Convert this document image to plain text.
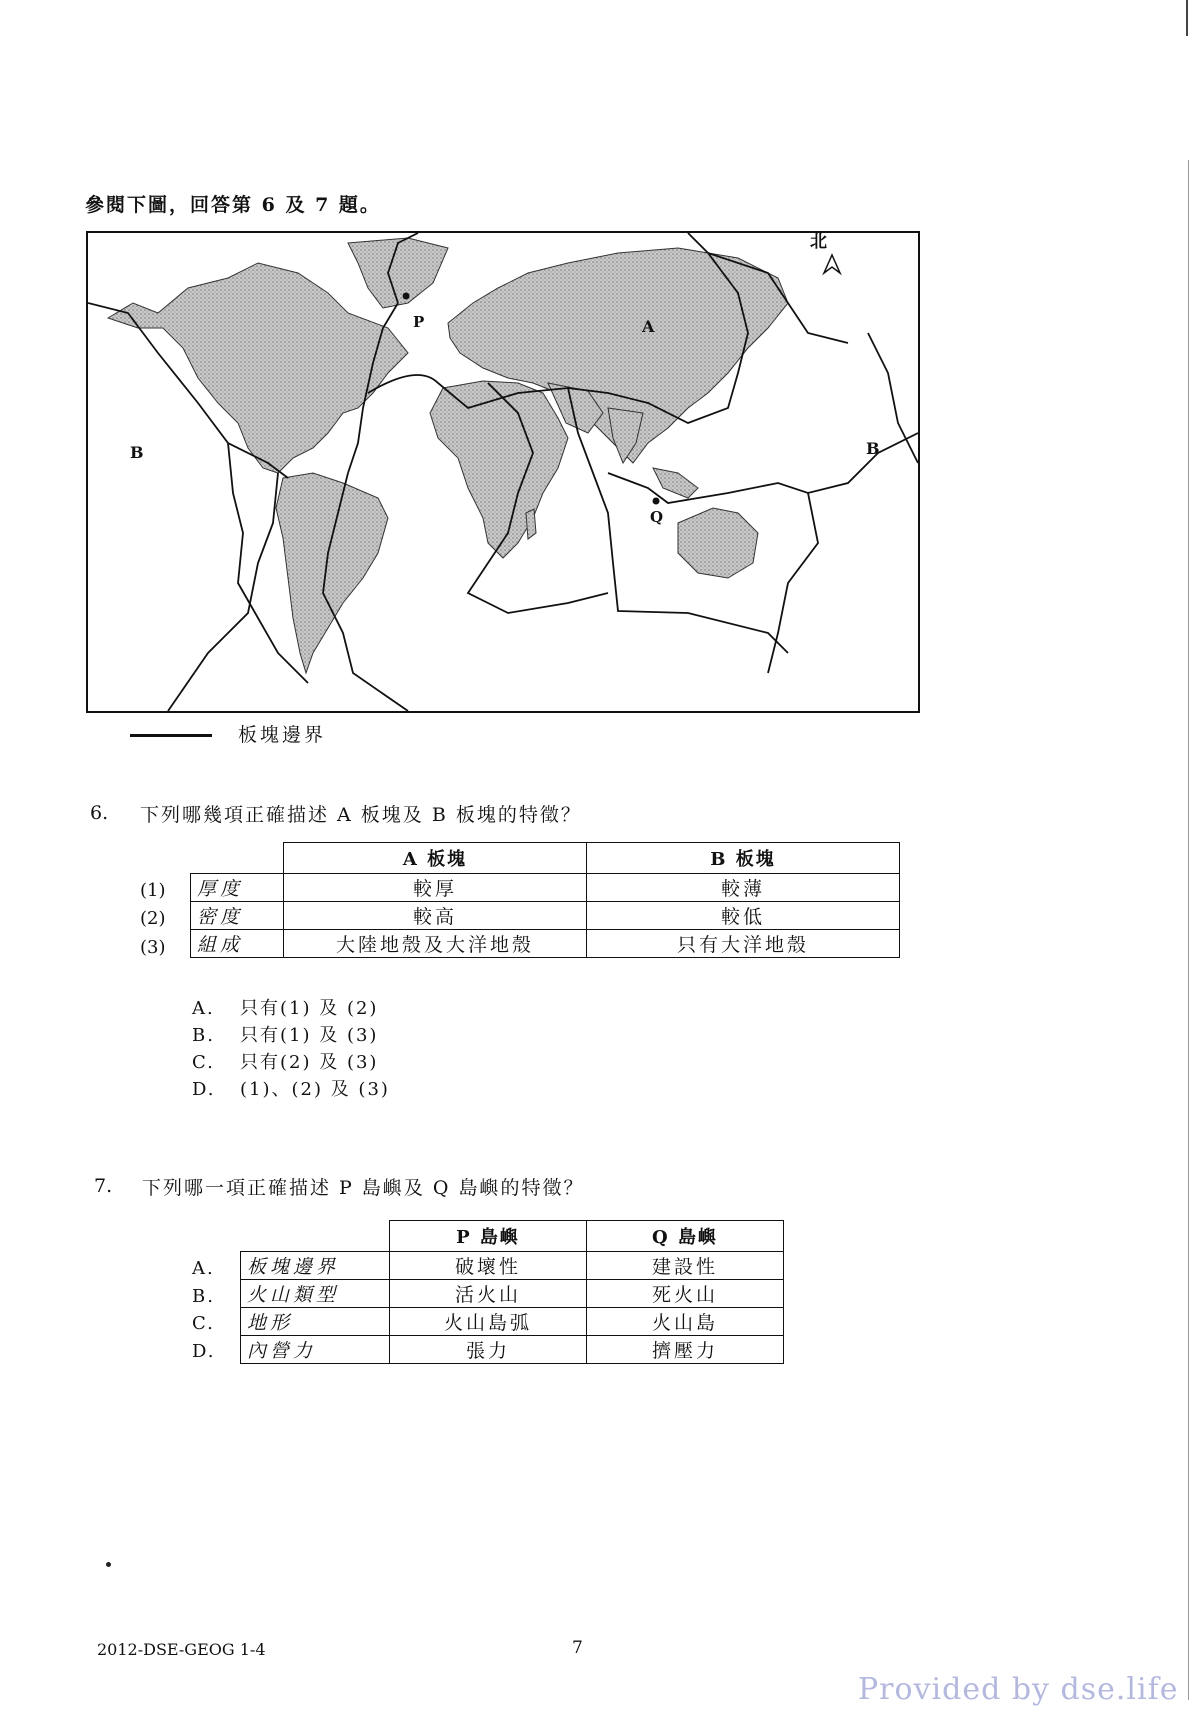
參閱下圖，回答第 6 及 7 題。
北
A
B	B
P
Q
板塊邊界
6. 下列哪幾項正確描述 A 板塊及 B 板塊的特徵？
(1)
(2)
(3)
	A 板塊	B 板塊
厚度	較厚	較薄
密度	較高	較低
組成	大陸地殼及大洋地殼	只有大洋地殼
A. 只有(1) 及 (2)
B. 只有(1) 及 (3)
C. 只有(2) 及 (3)
D. (1)、(2) 及 (3)
7. 下列哪一項正確描述 P 島嶼及 Q 島嶼的特徵？
A.
B.
C.
D.
	P 島嶼	Q 島嶼
板塊邊界	破壞性	建設性
火山類型	活火山	死火山
地形	火山島弧	火山島
內營力	張力	擠壓力
2012-DSE-GEOG 1-4	7
Provided by dse.life
